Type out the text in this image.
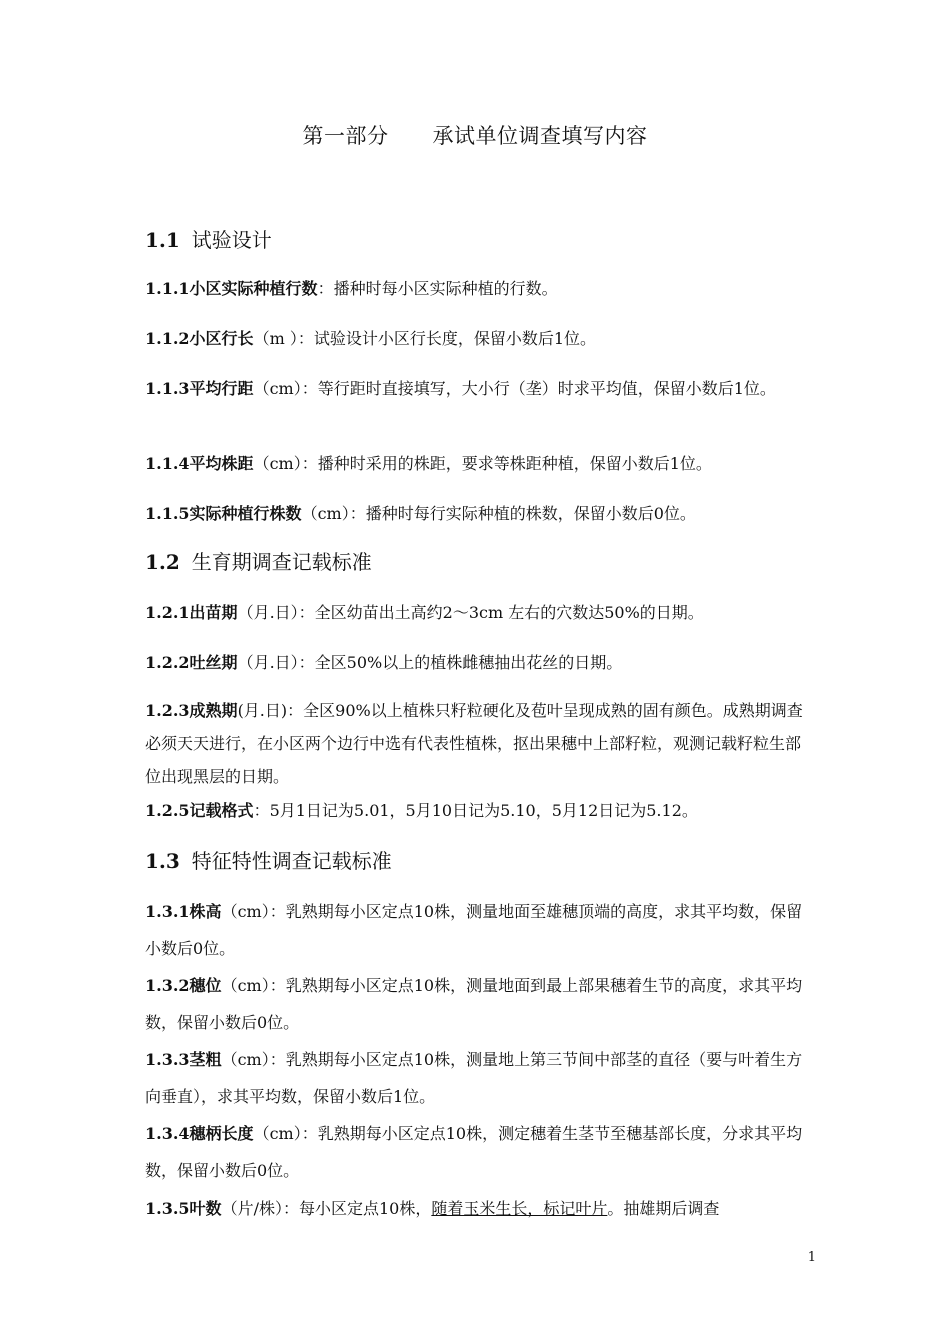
第一部分 承试单位调查填写内容
1.1 试验设计
1.1.1小区实际种植行数：播种时每小区实际种植的行数。
1.1.2小区行长（m ）：试验设计小区行长度，保留小数后1位。
1.1.3平均行距（cm）：等行距时直接填写，大小行（垄）时求平均值，保留小数后1位。
1.1.4平均株距（cm）：播种时采用的株距，要求等株距种植，保留小数后1位。
1.1.5实际种植行株数（cm）：播种时每行实际种植的株数，保留小数后0位。
1.2 生育期调查记载标准
1.2.1出苗期（月.日）：全区幼苗出土高约2～3cm 左右的穴数达50%的日期。
1.2.2吐丝期（月.日）：全区50%以上的植株雌穗抽出花丝的日期。
1.2.3成熟期(月.日)：全区90%以上植株只籽粒硬化及苞叶呈现成熟的固有颜色。成熟期调查必须天天进行，在小区两个边行中选有代表性植株，抠出果穗中上部籽粒，观测记载籽粒生部位出现黑层的日期。
1.2.5记载格式：5月1日记为5.01，5月10日记为5.10，5月12日记为5.12。
1.3 特征特性调查记载标准
1.3.1株高（cm）：乳熟期每小区定点10株，测量地面至雄穗顶端的高度，求其平均数，保留小数后0位。
1.3.2穗位（cm）：乳熟期每小区定点10株，测量地面到最上部果穗着生节的高度，求其平均数，保留小数后0位。
1.3.3茎粗（cm）：乳熟期每小区定点10株，测量地上第三节间中部茎的直径（要与叶着生方向垂直），求其平均数，保留小数后1位。
1.3.4穗柄长度（cm）：乳熟期每小区定点10株，测定穗着生茎节至穗基部长度，分求其平均数，保留小数后0位。
1.3.5叶数（片/株）：每小区定点10株，随着玉米生长，标记叶片。抽雄期后调查
1
